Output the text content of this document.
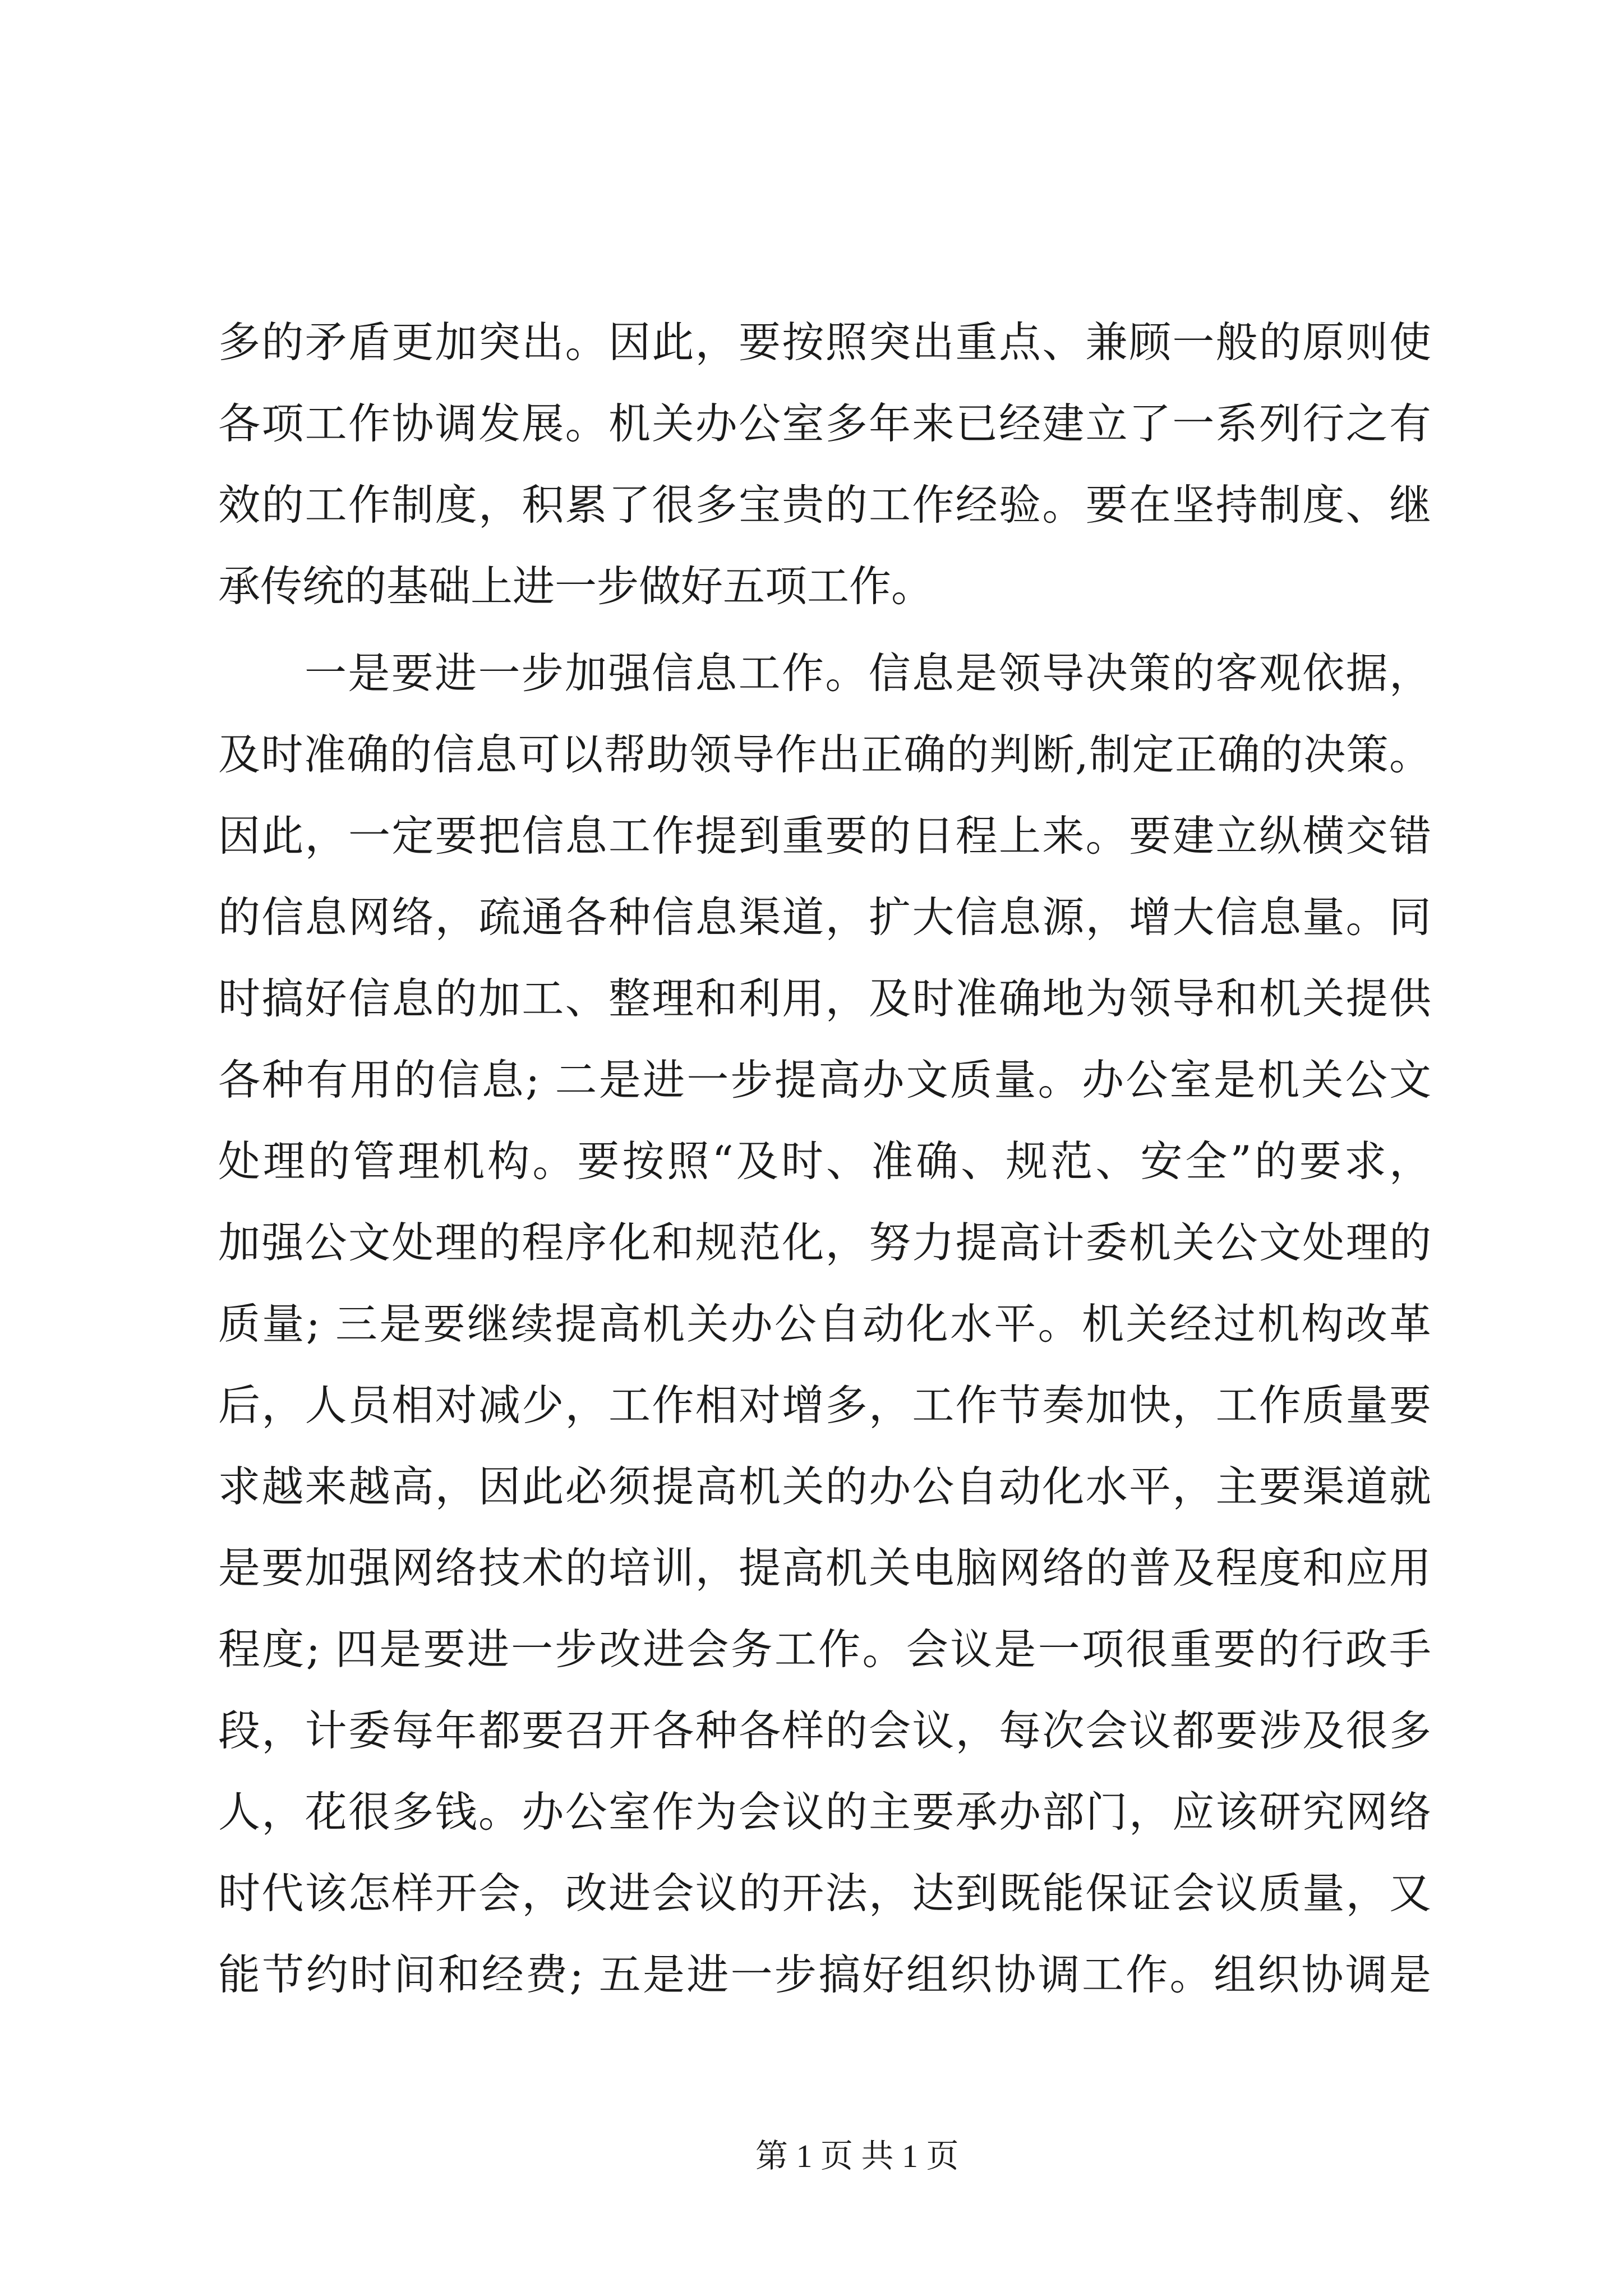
多的矛盾更加突出。因此，要按照突出重点、兼顾一般的原则使
各项工作协调发展。机关办公室多年来已经建立了一系列行之有
效的工作制度，积累了很多宝贵的工作经验。要在坚持制度、继
承传统的基础上进一步做好五项工作。
一是要进一步加强信息工作。信息是领导决策的客观依据，
及时准确的信息可以帮助领导作出正确的判断,制定正确的决策。
因此，一定要把信息工作提到重要的日程上来。要建立纵横交错
的信息网络，疏通各种信息渠道，扩大信息源，增大信息量。同
时搞好信息的加工、整理和利用，及时准确地为领导和机关提供
各种有用的信息; 二是进一步提高办文质量。办公室是机关公文
处理的管理机构。要按照“及时、准确、规范、安全”的要求，
加强公文处理的程序化和规范化，努力提高计委机关公文处理的
质量; 三是要继续提高机关办公自动化水平。机关经过机构改革
后，人员相对减少，工作相对增多，工作节奏加快，工作质量要
求越来越高，因此必须提高机关的办公自动化水平，主要渠道就
是要加强网络技术的培训，提高机关电脑网络的普及程度和应用
程度; 四是要进一步改进会务工作。会议是一项很重要的行政手
段，计委每年都要召开各种各样的会议，每次会议都要涉及很多
人，花很多钱。办公室作为会议的主要承办部门，应该研究网络
时代该怎样开会，改进会议的开法，达到既能保证会议质量，又
能节约时间和经费; 五是进一步搞好组织协调工作。组织协调是
第 1 页 共 1 页
